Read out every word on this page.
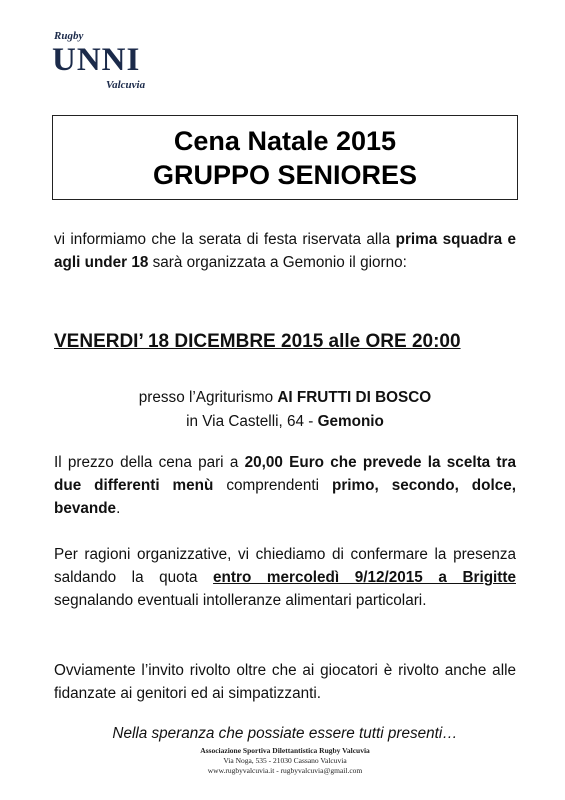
Rugby
UNNI
Valcuvia
Cena Natale 2015
GRUPPO SENIORES
vi informiamo che la serata di festa riservata alla prima squadra e agli under 18 sarà organizzata a Gemonio il giorno:
VENERDI’ 18 DICEMBRE 2015 alle ORE 20:00
presso l’Agriturismo AI FRUTTI DI BOSCO
in Via Castelli, 64 - Gemonio
Il prezzo della cena pari a 20,00 Euro che prevede la scelta tra due differenti menù comprendenti primo, secondo, dolce, bevande.
Per ragioni organizzative, vi chiediamo di confermare la presenza saldando la quota entro mercoledì 9/12/2015 a Brigitte segnalando eventuali intolleranze alimentari particolari.
Ovviamente l’invito rivolto oltre che ai giocatori è rivolto anche alle fidanzate ai genitori ed ai simpatizzanti.
Nella speranza che possiate essere tutti presenti…
Associazione Sportiva Dilettantistica Rugby Valcuvia
Via Noga, 535 - 21030 Cassano Valcuvia
www.rugbyvalcuvia.it - rugbyvalcuvia@gmail.com
